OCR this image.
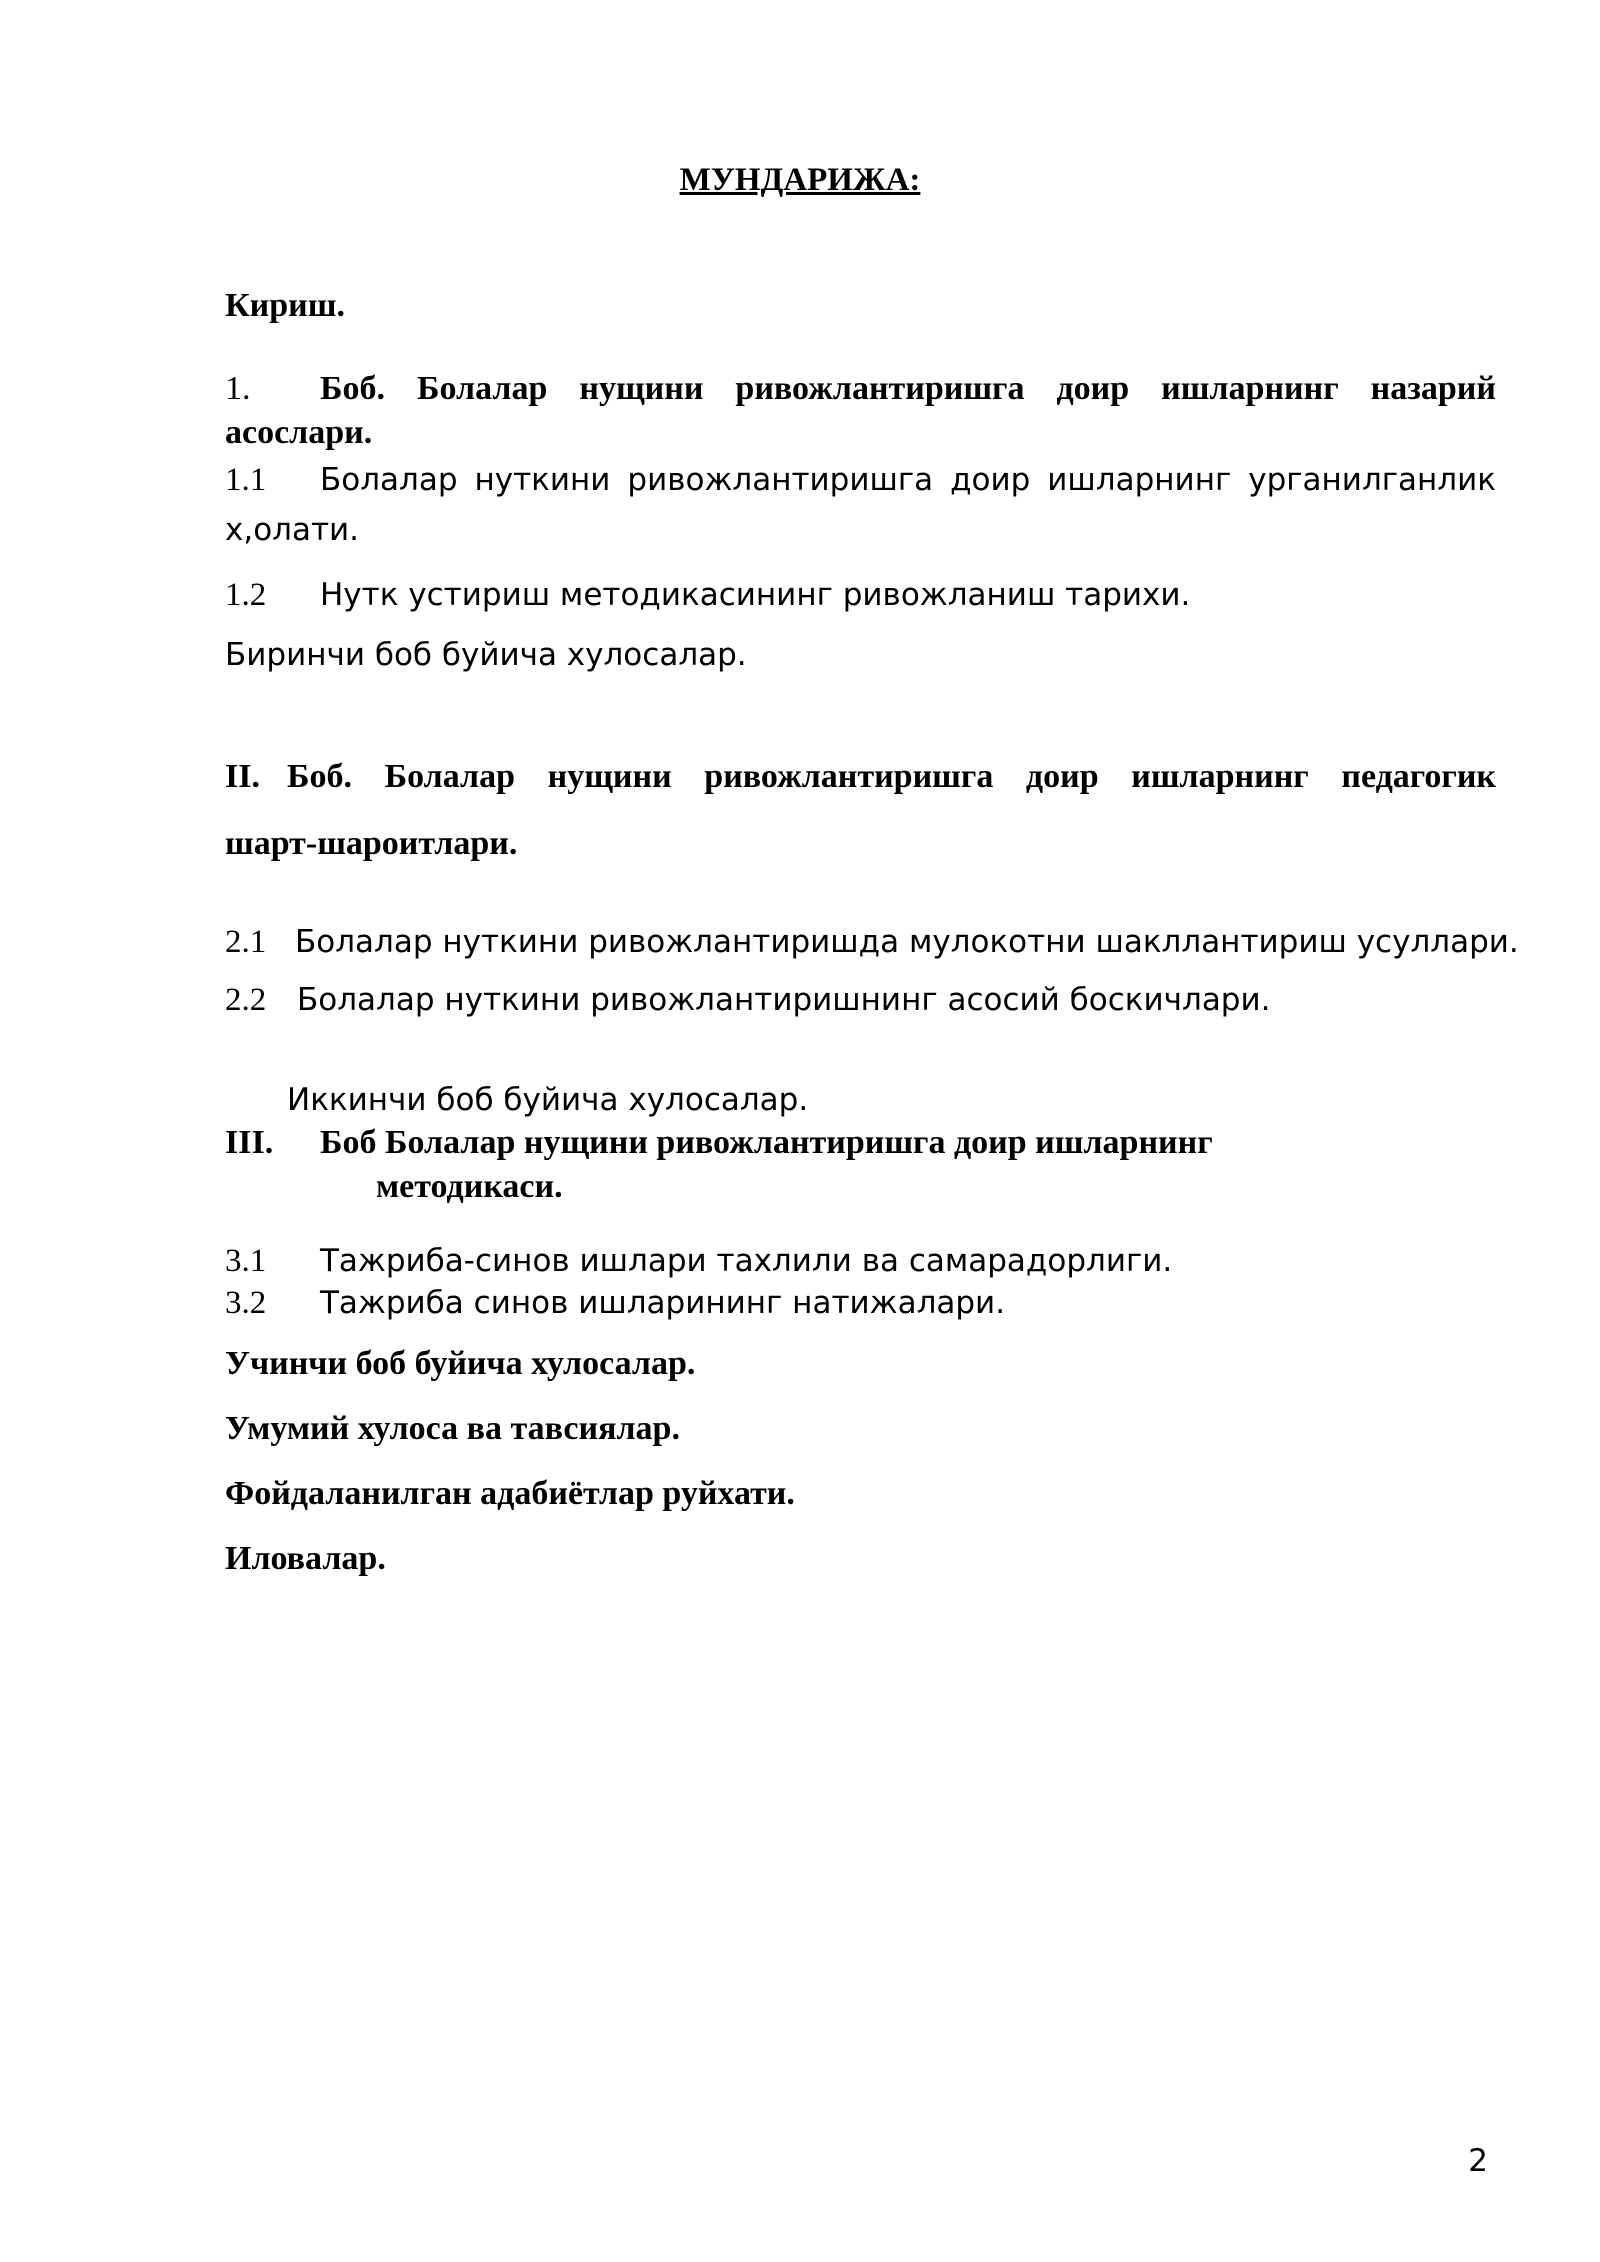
МУНДАРИЖА:
Кириш.
1. Боб. Болалар нущини ривожлантиришга доир ишларнинг назарий асослари.
1.1 Болалар нуткини ривожлантиришга доир ишларнинг урганилганлик х,олати.
1.2 Нутк устириш методикасининг ривожланиш тарихи.
Биринчи боб буйича хулосалар.
II. Боб. Болалар нущини ривожлантиришга доир ишларнинг педагогик
шарт-шароитлари.
2.1 Болалар нуткини ривожлантиришда мулокотни шакллантириш усуллари.
2.2 Болалар нуткини ривожлантиришнинг асосий боскичлари.
Иккинчи боб буйича хулосалар.
III. Боб Болалар нущини ривожлантиришга доир ишларнинг
методикаси.
3.1 Тажриба-синов ишлари тахлили ва самарадорлиги.
3.2 Тажриба синов ишларининг натижалари.
Учинчи боб буйича хулосалар.
Умумий хулоса ва тавсиялар.
Фойдаланилган адабиётлар руйхати.
Иловалар.
2
